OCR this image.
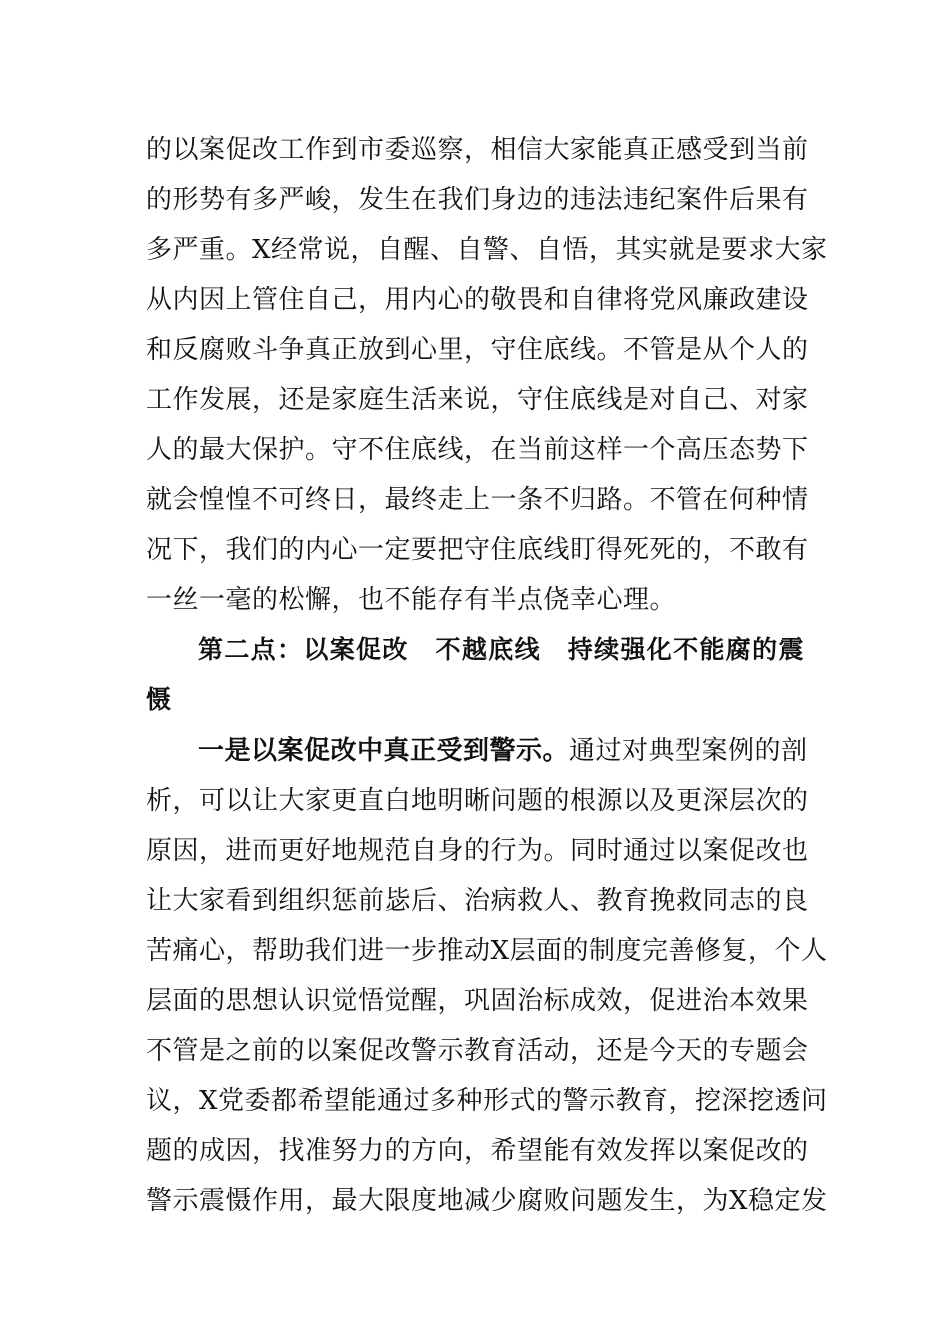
的以案促改工作到市委巡察，相信大家能真正感受到当前
的形势有多严峻，发生在我们身边的违法违纪案件后果有
多严重。X经常说，自醒、自警、自悟，其实就是要求大家
从内因上管住自己，用内心的敬畏和自律将党风廉政建设
和反腐败斗争真正放到心里，守住底线。不管是从个人的
工作发展，还是家庭生活来说，守住底线是对自己、对家
人的最大保护。守不住底线，在当前这样一个高压态势下
就会惶惶不可终日，最终走上一条不归路。不管在何种情
况下，我们的内心一定要把守住底线盯得死死的，不敢有
一丝一毫的松懈，也不能存有半点侥幸心理。
第二点：以案促改 不越底线 持续强化不能腐的震
慑
一是以案促改中真正受到警示。通过对典型案例的剖
析，可以让大家更直白地明晰问题的根源以及更深层次的
原因，进而更好地规范自身的行为。同时通过以案促改也
让大家看到组织惩前毖后、治病救人、教育挽救同志的良
苦痛心，帮助我们进一步推动X层面的制度完善修复，个人
层面的思想认识觉悟觉醒，巩固治标成效，促进治本效果
不管是之前的以案促改警示教育活动，还是今天的专题会
议，X党委都希望能通过多种形式的警示教育，挖深挖透问
题的成因，找准努力的方向，希望能有效发挥以案促改的
警示震慑作用，最大限度地减少腐败问题发生，为X稳定发
